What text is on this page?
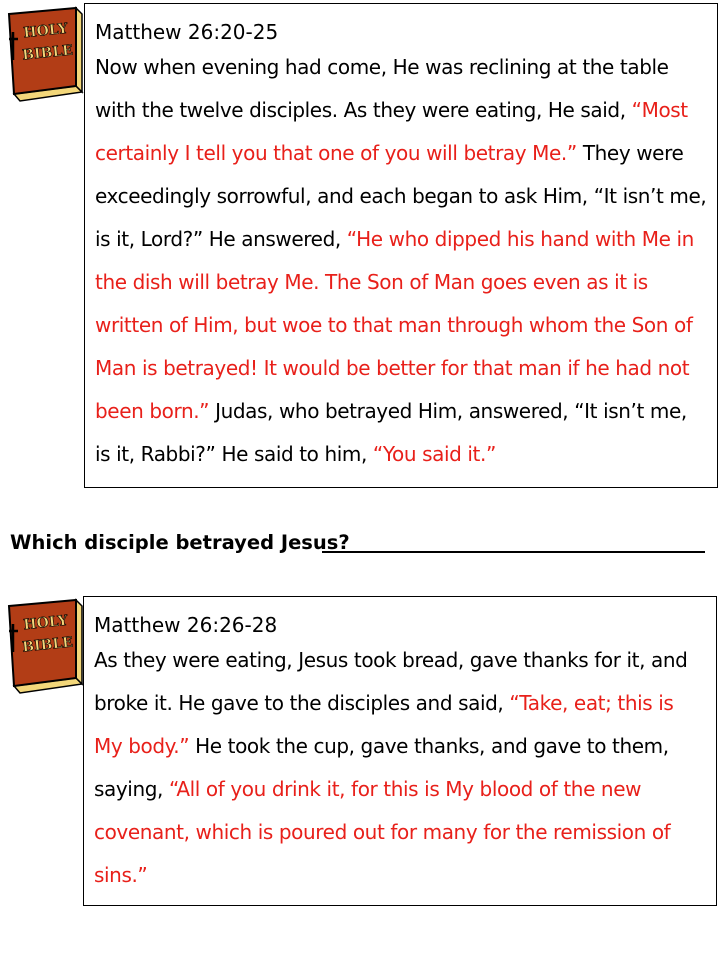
HOLY
BIBLE
Matthew 26:20-25

Now when evening had come, He was reclining at the table with the twelve disciples. As they were eating, He said, “Most certainly I tell you that one of you will betray Me.” They were exceedingly sorrowful, and each began to ask Him, “It isn’t me, is it, Lord?” He answered, “He who dipped his hand with Me in the dish will betray Me. The Son of Man goes even as it is written of Him, but woe to that man through whom the Son of Man is betrayed! It would be better for that man if he had not been born.” Judas, who betrayed Him, answered, “It isn’t me, is it, Rabbi?” He said to him, “You said it.”

Which disciple betrayed Jesus?
HOLY
BIBLE
Matthew 26:26-28

As they were eating, Jesus took bread, gave thanks for it, and broke it. He gave to the disciples and said, “Take, eat; this is My body.” He took the cup, gave thanks, and gave to them, saying, “All of you drink it, for this is My blood of the new covenant, which is poured out for many for the remission of sins.”
